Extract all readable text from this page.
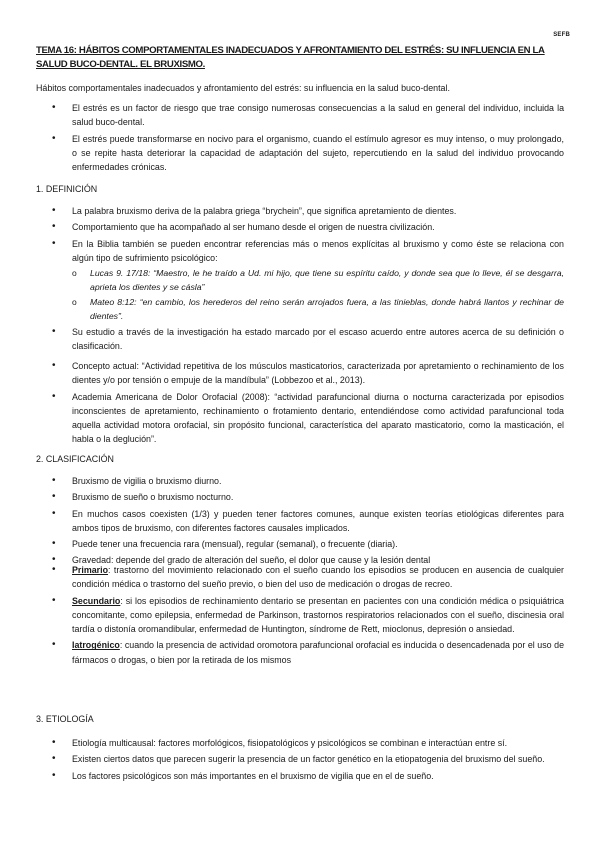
SEFB
TEMA 16: HÁBITOS COMPORTAMENTALES INADECUADOS Y AFRONTAMIENTO DEL ESTRÉS: SU INFLUENCIA EN LA SALUD BUCO-DENTAL. EL BRUXISMO.
Hábitos comportamentales inadecuados y afrontamiento del estrés: su influencia en la salud buco-dental.
• El estrés es un factor de riesgo que trae consigo numerosas consecuencias a la salud en general del individuo, incluida la salud buco-dental.
• El estrés puede transformarse en nocivo para el organismo, cuando el estímulo agresor es muy intenso, o muy prolongado, o se repite hasta deteriorar la capacidad de adaptación del sujeto, repercutiendo en la salud del individuo provocando enfermedades crónicas.
1. DEFINICIÓN
• La palabra bruxismo deriva de la palabra griega “brychein”, que significa apretamiento de dientes.
• Comportamiento que ha acompañado al ser humano desde el origen de nuestra civilización.
• En la Biblia también se pueden encontrar referencias más o menos explícitas al bruxismo y como éste se relaciona con algún tipo de sufrimiento psicológico:
o Lucas 9. 17/18: “Maestro, le he traído a Ud. mi hijo, que tiene su espíritu caído, y donde sea que lo lleve, él se desgarra, aprieta los dientes y se cásla”
o Mateo 8:12: “en cambio, los herederos del reino serán arrojados fuera, a las tinieblas, donde habrá llantos y rechinar de dientes”.
• Su estudio a través de la investigación ha estado marcado por el escaso acuerdo entre autores acerca de su definición o clasificación.
• Concepto actual: “Actividad repetitiva de los músculos masticatorios, caracterizada por apretamiento o rechinamiento de los dientes y/o por tensión o empuje de la mandíbula” (Lobbezoo et al., 2013).
• Academia Americana de Dolor Orofacial (2008): “actividad parafuncional diurna o nocturna caracterizada por episodios inconscientes de apretamiento, rechinamiento o frotamiento dentario, entendiéndose como actividad parafuncional toda aquella actividad motora orofacial, sin propósito funcional, característica del aparato masticatorio, como la masticación, el habla o la deglución”.
2. CLASIFICACIÓN
• Bruxismo de vigilia o bruxismo diurno.
• Bruxismo de sueño o bruxismo nocturno.
• En muchos casos coexisten (1/3) y pueden tener factores comunes, aunque existen teorías etiológicas diferentes para ambos tipos de bruxismo, con diferentes factores causales implicados.
• Puede tener una frecuencia rara (mensual), regular (semanal), o frecuente (diaria).
• Gravedad: depende del grado de alteración del sueño, el dolor que cause y la lesión dental
• Primario: trastorno del movimiento relacionado con el sueño cuando los episodios se producen en ausencia de cualquier condición médica o trastorno del sueño previo, o bien del uso de medicación o drogas de recreo.
• Secundario: si los episodios de rechinamiento dentario se presentan en pacientes con una condición médica o psiquiátrica concomitante, como epilepsia, enfermedad de Parkinson, trastornos respiratorios relacionados con el sueño, discinesia oral tardía o distonía oromandibular, enfermedad de Huntington, síndrome de Rett, mioclonus, depresión o ansiedad.
• Iatrogénico: cuando la presencia de actividad oromotora parafuncional orofacial es inducida o desencadenada por el uso de fármacos o drogas, o bien por la retirada de los mismos
3. ETIOLOGÍA
• Etiología multicausal: factores morfológicos, fisiopatológicos y psicológicos se combinan e interactúan entre sí.
• Existen ciertos datos que parecen sugerir la presencia de un factor genético en la etiopatogenia del bruxismo del sueño.
• Los factores psicológicos son más importantes en el bruxismo de vigilia que en el de sueño.
